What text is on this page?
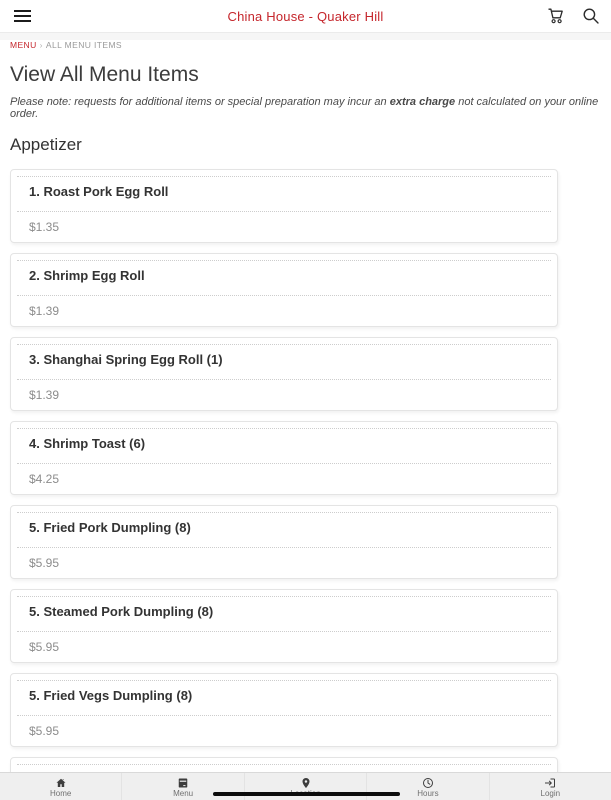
China House - Quaker Hill
MENU › ALL MENU ITEMS
View All Menu Items

Please note: requests for additional items or special preparation may incur an extra charge not calculated on your online order.

Appetizer
1. Roast Pork Egg Roll
$1.35
2. Shrimp Egg Roll
$1.39
3. Shanghai Spring Egg Roll (1)
$1.39
4. Shrimp Toast (6)
$4.25
5. Fried Pork Dumpling (8)
$5.95
5. Steamed Pork Dumpling (8)
$5.95
5. Fried Vegs Dumpling (8)
$5.95
Home	Menu	Hours	Login
